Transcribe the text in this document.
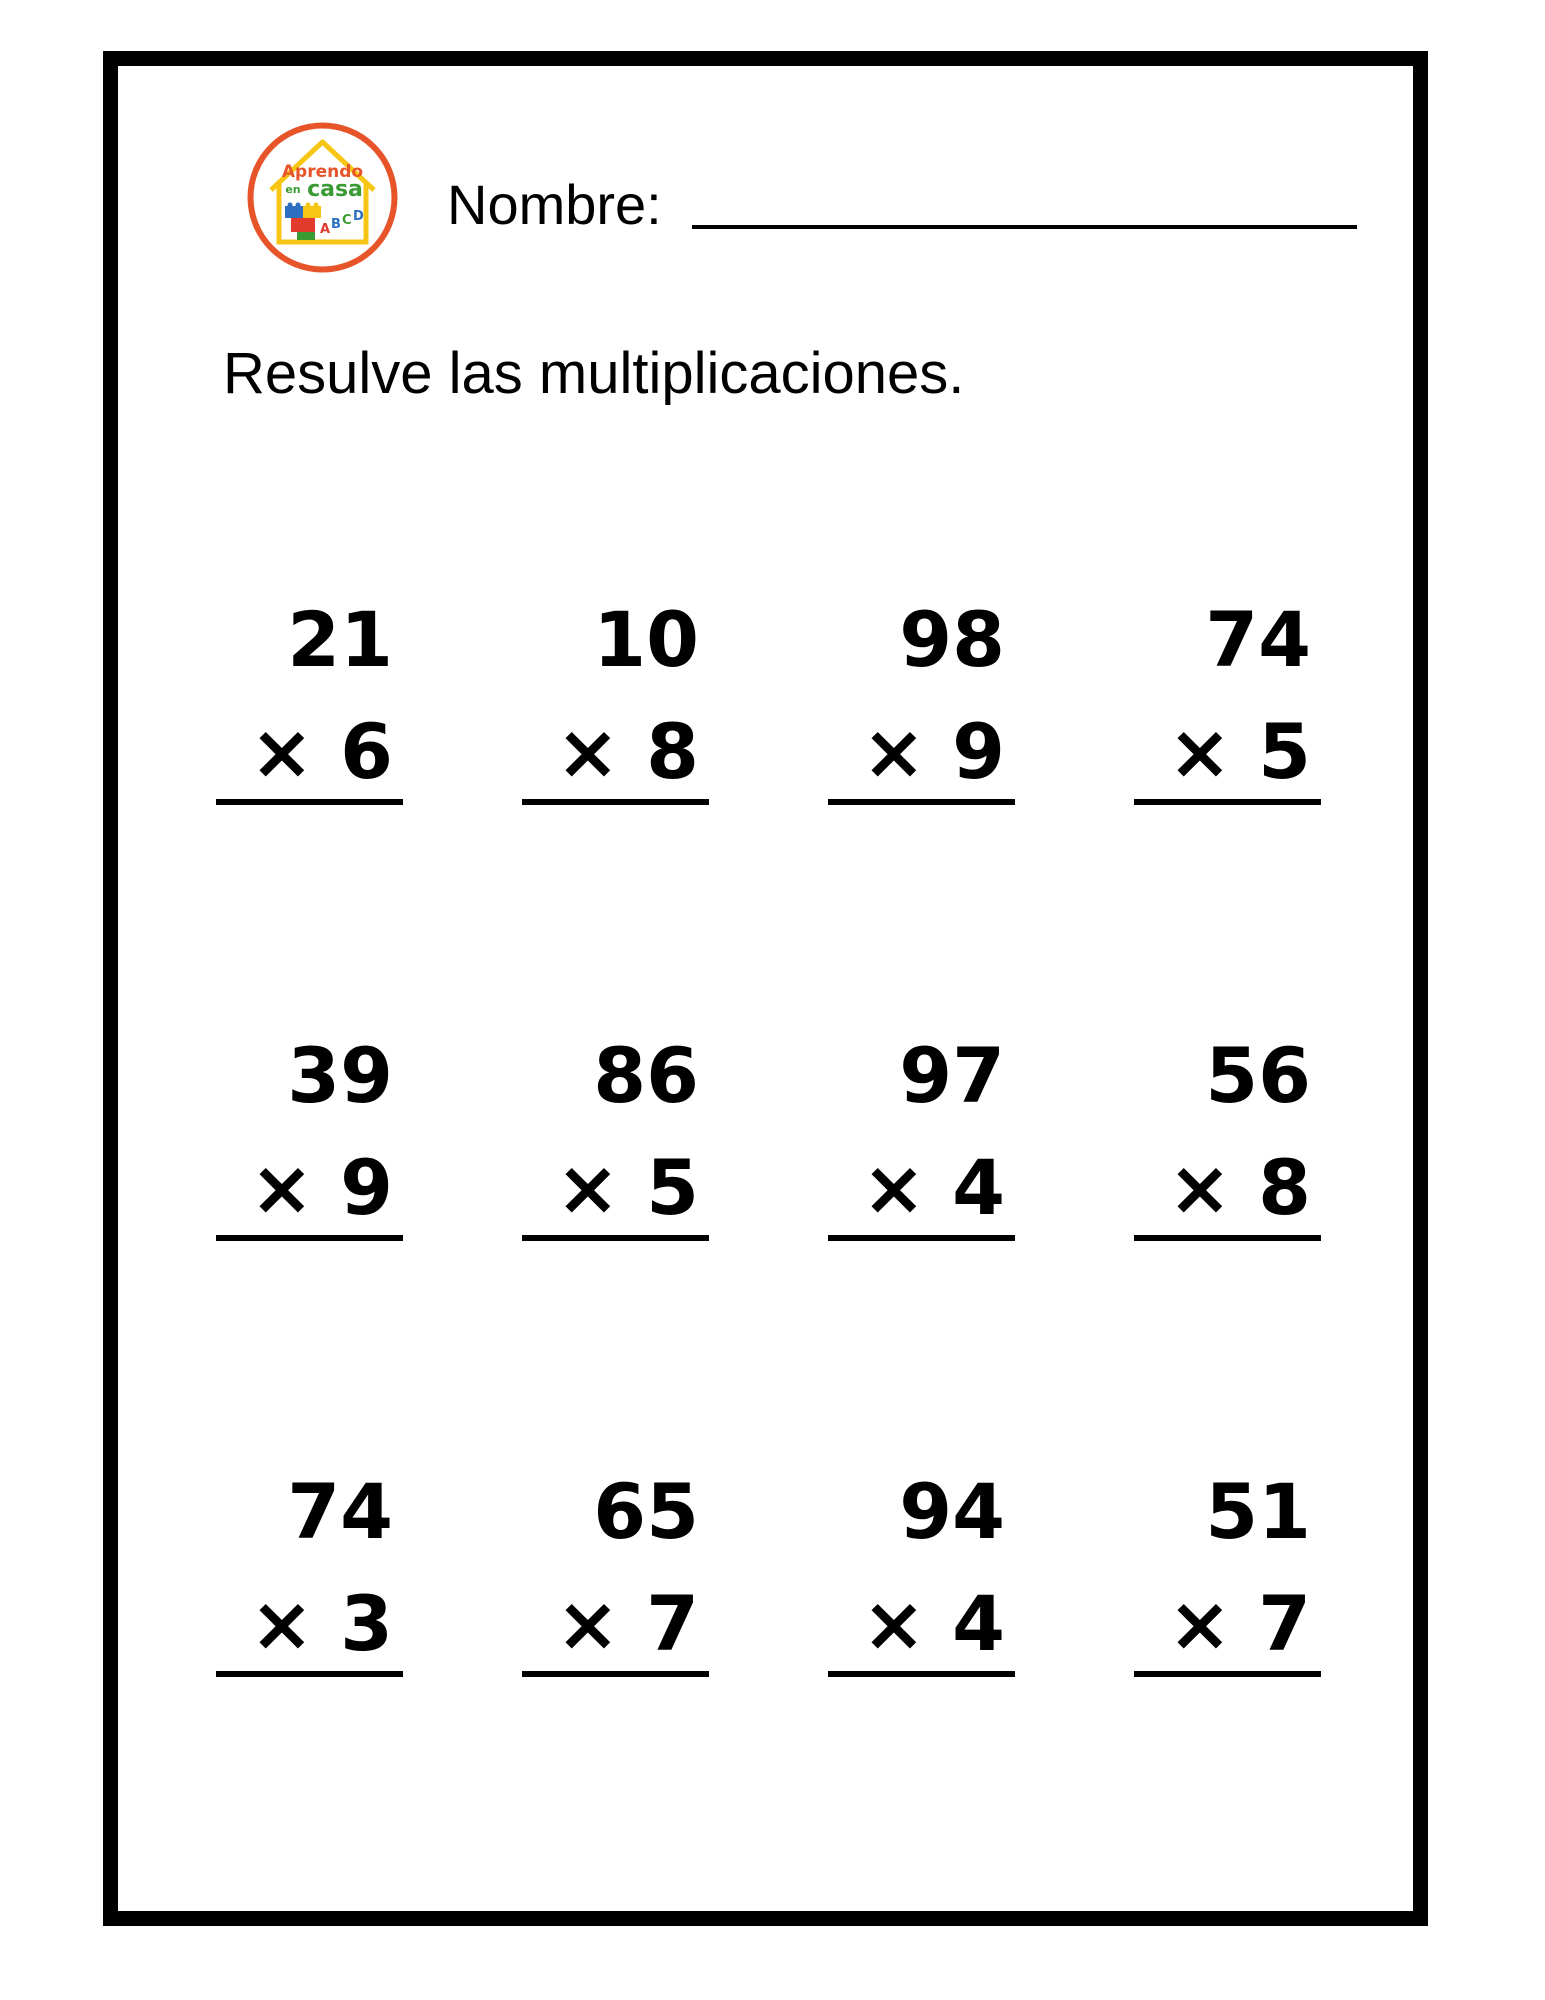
Aprendo
en casa
A B C D Nombre:
Resulve las multiplicaciones.
21
× 6
10
× 8
98
× 9
74
× 5
39
× 9
86
× 5
97
× 4
56
× 8
74
× 3
65
× 7
94
× 4
51
× 7
